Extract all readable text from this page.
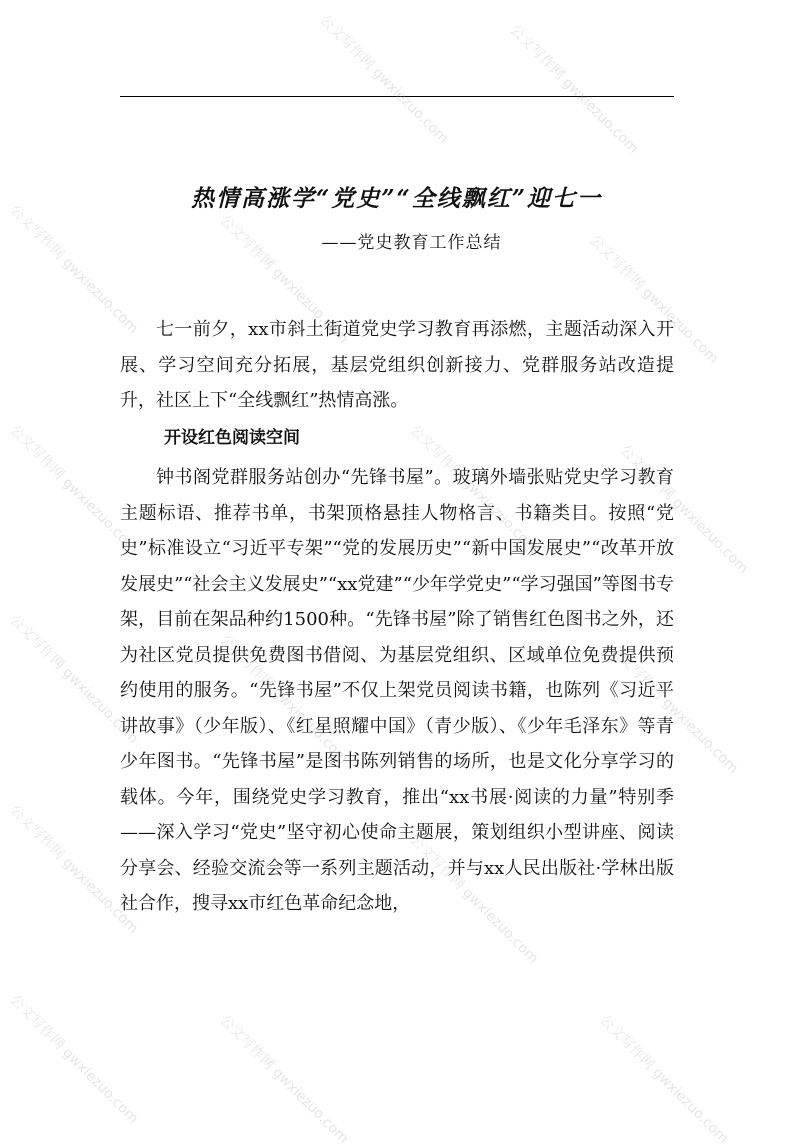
热情高涨学“党史”“全线飘红”迎七一
——党史教育工作总结

七一前夕，xx市斜土街道党史学习教育再添燃，主题活动深入开展、学习空间充分拓展，基层党组织创新接力、党群服务站改造提升，社区上下“全线飘红”热情高涨。

开设红色阅读空间

钟书阁党群服务站创办“先锋书屋”。玻璃外墙张贴党史学习教育主题标语、推荐书单，书架顶格悬挂人物格言、书籍类目。按照“党史”标准设立“习近平专架”“党的发展历史”“新中国发展史”“改革开放发展史”“社会主义发展史”“xx党建”“少年学党史”“学习强国”等图书专架，目前在架品种约1500种。“先锋书屋”除了销售红色图书之外，还为社区党员提供免费图书借阅、为基层党组织、区域单位免费提供预约使用的服务。“先锋书屋”不仅上架党员阅读书籍，也陈列《习近平讲故事》（少年版）、《红星照耀中国》（青少版）、《少年毛泽东》等青少年图书。“先锋书屋”是图书陈列销售的场所，也是文化分享学习的载体。今年，围绕党史学习教育，推出“xx书展·阅读的力量”特别季——深入学习“党史”坚守初心使命主题展，策划组织小型讲座、阅读分享会、经验交流会等一系列主题活动，并与xx人民出版社·学林出版社合作，搜寻xx市红色革命纪念地，

公文写作网 gwxiezuo.com	公文写作网 gwxiezuo.com
公文写作网 gwxiezuo.com	公文写作网 gwxiezuo.com	公文写作网 gwxiezuo.com
公文写作网 gwxiezuo.com	公文写作网 gwxiezuo.com	公文写作网 gwxiezuo.com
公文写作网 gwxiezuo.com	公文写作网 gwxiezuo.com	公文写作网 gwxiezuo.com
公文写作网 gwxiezuo.com	公文写作网 gwxiezuo.com
公文写作网 gwxiezuo.com	公文写作网 gwxiezuo.com	公文写作网 gwxiezuo.com
